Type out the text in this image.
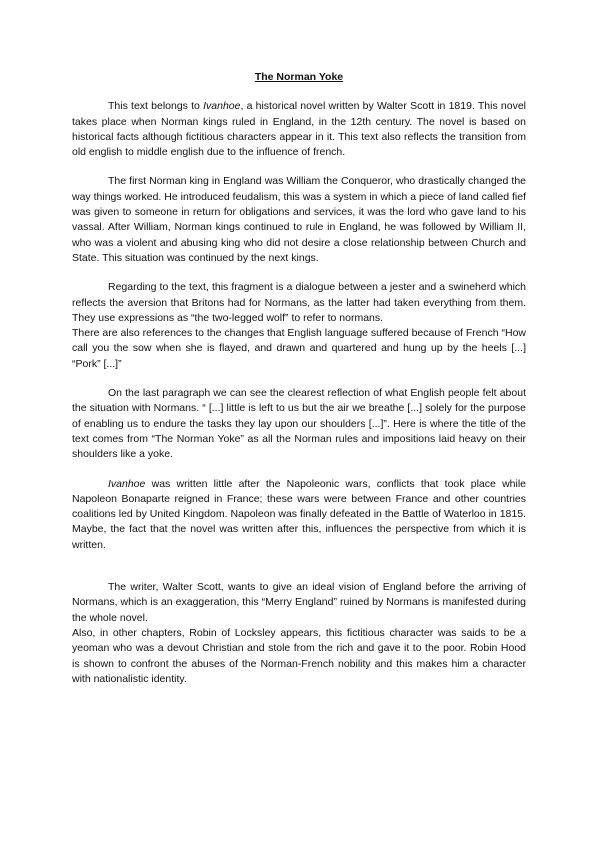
The Norman Yoke

This text belongs to Ivanhoe, a historical novel written by Walter Scott in 1819. This novel takes place when Norman kings ruled in England, in the 12th century. The novel is based on historical facts although fictitious characters appear in it. This text also reflects the transition from old english to middle english due to the influence of french.

The first Norman king in England was William the Conqueror, who drastically changed the way things worked. He introduced feudalism, this was a system in which a piece of land called fief was given to someone in return for obligations and services, it was the lord who gave land to his vassal. After William, Norman kings continued to rule in England, he was followed by William II, who was a violent and abusing king who did not desire a close relationship between Church and State. This situation was continued by the next kings.

Regarding to the text, this fragment is a dialogue between a jester and a swineherd which reflects the aversion that Britons had for Normans, as the latter had taken everything from them. They use expressions as “the two-legged wolf” to refer to normans.

There are also references to the changes that English language suffered because of French “How call you the sow when she is flayed, and drawn and quartered and hung up by the heels [...] “Pork” [...]”

On the last paragraph we can see the clearest reflection of what English people felt about the situation with Normans. “ [...] little is left to us but the air we breathe [...] solely for the purpose of enabling us to endure the tasks they lay upon our shoulders [...]”. Here is where the title of the text comes from “The Norman Yoke” as all the Norman rules and impositions laid heavy on their shoulders like a yoke.

Ivanhoe was written little after the Napoleonic wars, conflicts that took place while Napoleon Bonaparte reigned in France; these wars were between France and other countries coalitions led by United Kingdom. Napoleon was finally defeated in the Battle of Waterloo in 1815. Maybe, the fact that the novel was written after this, influences the perspective from which it is written.

The writer, Walter Scott, wants to give an ideal vision of England before the arriving of Normans, which is an exaggeration, this “Merry England” ruined by Normans is manifested during the whole novel.

Also, in other chapters, Robin of Locksley appears, this fictitious character was saids to be a yeoman who was a devout Christian and stole from the rich and gave it to the poor. Robin Hood is shown to confront the abuses of the Norman-French nobility and this makes him a character with nationalistic identity.
